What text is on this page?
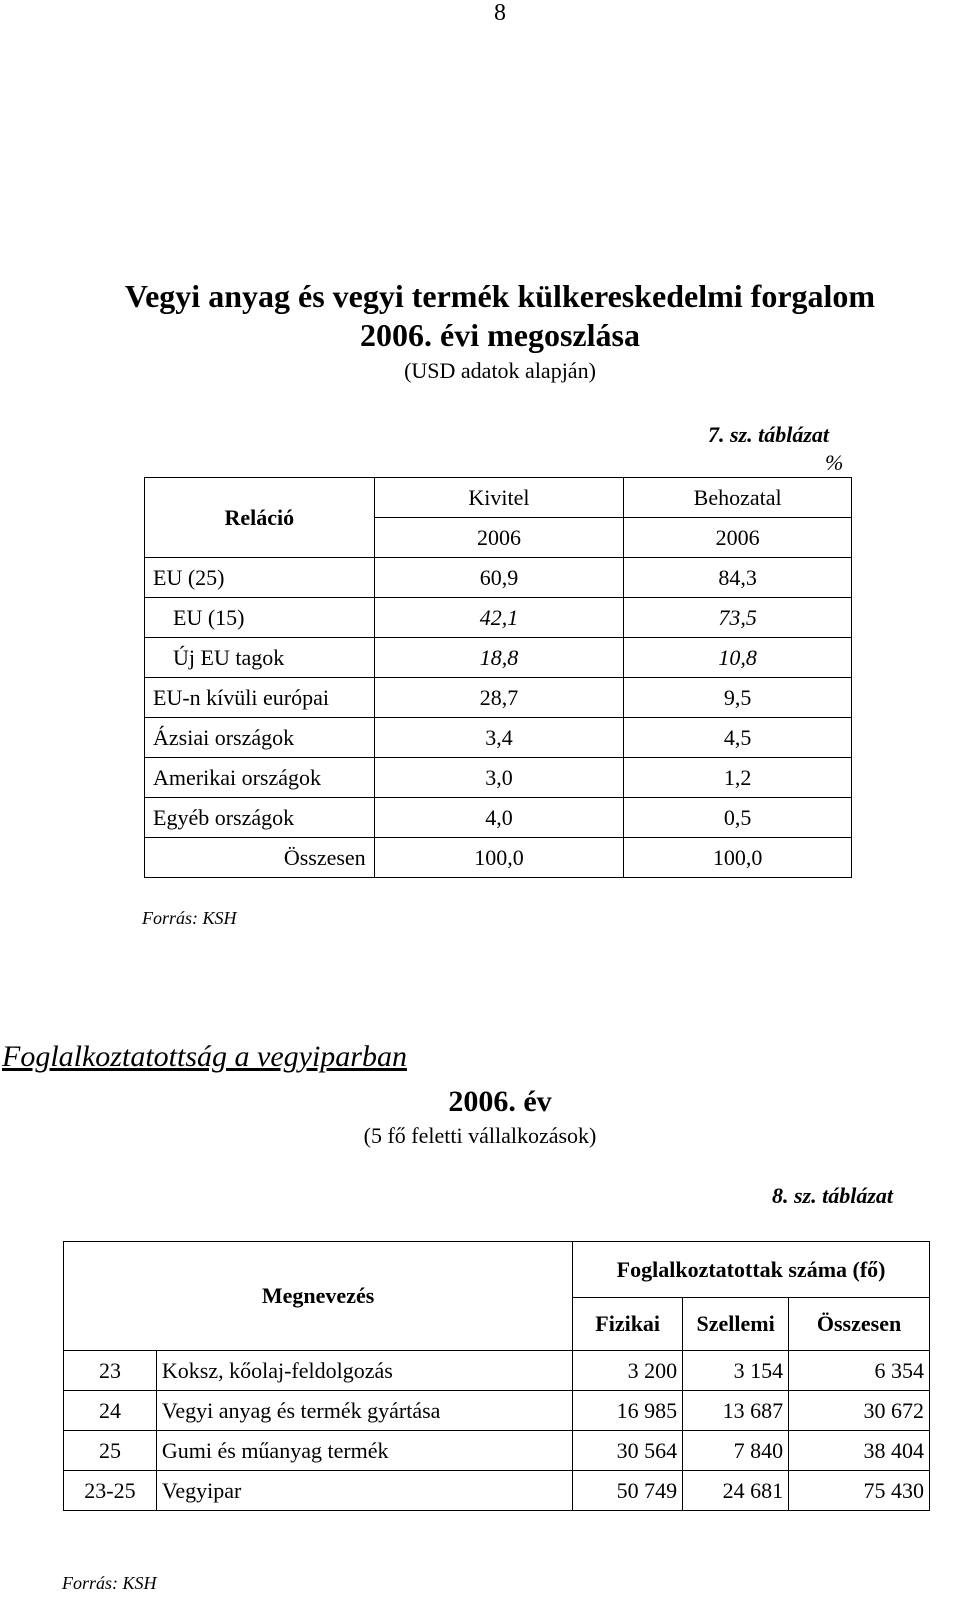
8
Vegyi anyag és vegyi termék külkereskedelmi forgalom
2006. évi megoszlása
(USD adatok alapján)
7. sz. táblázat
%
Reláció	Kivitel	Behozatal
	2006	2006
EU (25)	60,9	84,3
EU (15)	42,1	73,5
Új EU tagok	18,8	10,8
EU-n kívüli európai	28,7	9,5
Ázsiai országok	3,4	4,5
Amerikai országok	3,0	1,2
Egyéb országok	4,0	0,5
Összesen	100,0	100,0
Forrás: KSH
Foglalkoztatottság a vegyiparban
2006. év
(5 fő feletti vállalkozások)
8. sz. táblázat
Megnevezés		Foglalkoztatottak száma (fő)		
		Fizikai	Szellemi	Összesen
23	Koksz, kőolaj-feldolgozás	3 200	3 154	6 354
24	Vegyi anyag és termék gyártása	16 985	13 687	30 672
25	Gumi és műanyag termék	30 564	7 840	38 404
23-25	Vegyipar	50 749	24 681	75 430
Forrás: KSH
